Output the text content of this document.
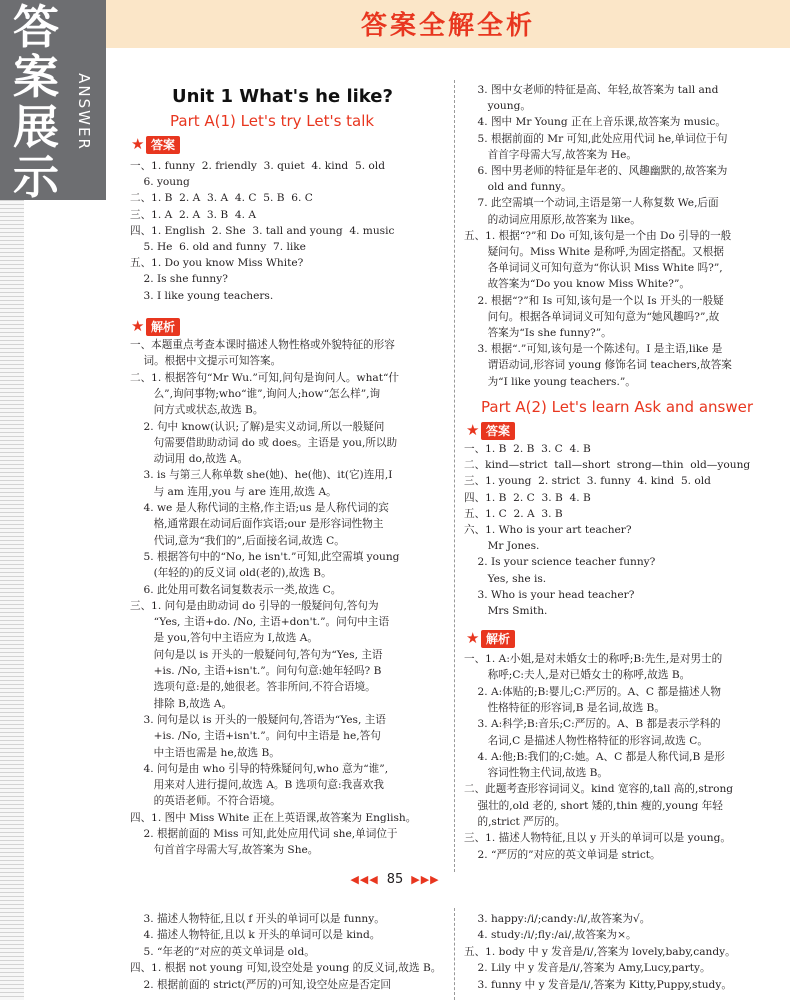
答
案
展
示
ANSWER
答案全解全析
Unit 1 What's he like?
Part A(1) Let's try Let's talk
★ 答案
一、1. funny  2. friendly  3. quiet  4. kind  5. old
6. young
二、1. B  2. A  3. A  4. C  5. B  6. C
三、1. A  2. A  3. B  4. A
四、1. English  2. She  3. tall and young  4. music
5. He  6. old and funny  7. like
五、1. Do you know Miss White?
2. Is she funny?
3. I like young teachers.
★ 解析
一、本题重点考查本课时描述人物性格或外貌特征的形容
词。根据中文提示可知答案。
二、1. 根据答句“Mr Wu.”可知,问句是询问人。what“什
么”,询问事物;who“谁”,询问人;how“怎么样”,询
问方式或状态,故选 B。
2. 句中 know(认识;了解)是实义动词,所以一般疑问
句需要借助助动词 do 或 does。主语是 you,所以助
动词用 do,故选 A。
3. is 与第三人称单数 she(她)、he(他)、it(它)连用,I
与 am 连用,you 与 are 连用,故选 A。
4. we 是人称代词的主格,作主语;us 是人称代词的宾
格,通常跟在动词后面作宾语;our 是形容词性物主
代词,意为“我们的”,后面接名词,故选 C。
5. 根据答句中的“No, he isn't.”可知,此空需填 young
(年轻的)的反义词 old(老的),故选 B。
6. 此处用可数名词复数表示一类,故选 C。
三、1. 问句是由助动词 do 引导的一般疑问句,答句为
“Yes, 主语+do. /No, 主语+don't.”。问句中主语
是 you,答句中主语应为 I,故选 A。
问句是以 is 开头的一般疑问句,答句为“Yes, 主语
+is. /No, 主语+isn't.”。问句句意:她年轻吗? B
选项句意:是的,她很老。答非所问,不符合语境。
排除 B,故选 A。
3. 问句是以 is 开头的一般疑问句,答语为“Yes, 主语
+is. /No, 主语+isn't.”。问句中主语是 he,答句
中主语也需是 he,故选 B。
4. 问句是由 who 引导的特殊疑问句,who 意为“谁”,
用来对人进行提问,故选 A。B 选项句意:我喜欢我
的英语老师。不符合语境。
四、1. 图中 Miss White 正在上英语课,故答案为 English。
2. 根据前面的 Miss 可知,此处应用代词 she,单词位于
句首首字母需大写,故答案为 She。
3. 图中女老师的特征是高、年轻,故答案为 tall and
young。
4. 图中 Mr Young 正在上音乐课,故答案为 music。
5. 根据前面的 Mr 可知,此处应用代词 he,单词位于句
首首字母需大写,故答案为 He。
6. 图中男老师的特征是年老的、风趣幽默的,故答案为
old and funny。
7. 此空需填一个动词,主语是第一人称复数 We,后面
的动词应用原形,故答案为 like。
五、1. 根据“?”和 Do 可知,该句是一个由 Do 引导的一般
疑问句。Miss White 是称呼,为固定搭配。又根据
各单词词义可知句意为“你认识 Miss White 吗?”,
故答案为“Do you know Miss White?”。
2. 根据“?”和 Is 可知,该句是一个以 Is 开头的一般疑
问句。根据各单词词义可知句意为“她风趣吗?”,故
答案为“Is she funny?”。
3. 根据“.”可知,该句是一个陈述句。I 是主语,like 是
谓语动词,形容词 young 修饰名词 teachers,故答案
为“I like young teachers.”。
Part A(2) Let's learn Ask and answer
★ 答案
一、1. B  2. B  3. C  4. B
二、kind—strict  tall—short  strong—thin  old—young
三、1. young  2. strict  3. funny  4. kind  5. old
四、1. B  2. C  3. B  4. B
五、1. C  2. A  3. B
六、1. Who is your art teacher?
Mr Jones.
2. Is your science teacher funny?
Yes, she is.
3. Who is your head teacher?
Mrs Smith.
★ 解析
一、1. A:小姐,是对未婚女士的称呼;B:先生,是对男士的
称呼;C:夫人,是对已婚女士的称呼,故选 B。
2. A:体贴的;B:婴儿;C:严厉的。A、C 都是描述人物
性格特征的形容词,B 是名词,故选 B。
3. A:科学;B:音乐;C:严厉的。A、B 都是表示学科的
名词,C 是描述人物性格特征的形容词,故选 C。
4. A:他;B:我们的;C:她。A、C 都是人称代词,B 是形
容词性物主代词,故选 B。
二、此题考查形容词词义。kind 宽容的,tall 高的,strong
强壮的,old 老的, short 矮的,thin 瘦的,young 年轻
的,strict 严厉的。
三、1. 描述人物特征,且以 y 开头的单词可以是 young。
2. “严厉的”对应的英文单词是 strict。
◀◀◀ 85 ▶▶▶
3. 描述人物特征,且以 f 开头的单词可以是 funny。
4. 描述人物特征,且以 k 开头的单词可以是 kind。
5. “年老的”对应的英文单词是 old。
四、1. 根据 not young 可知,设空处是 young 的反义词,故选 B。
2. 根据前面的 strict(严厉的)可知,设空处应是否定回
3. happy:/i/;candy:/i/,故答案为√。
4. study:/i/;fly:/ai/,故答案为×。
五、1. body 中 y 发音是/i/,答案为 lovely,baby,candy。
2. Lily 中 y 发音是/i/,答案为 Amy,Lucy,party。
3. funny 中 y 发音是/i/,答案为 Kitty,Puppy,study。
